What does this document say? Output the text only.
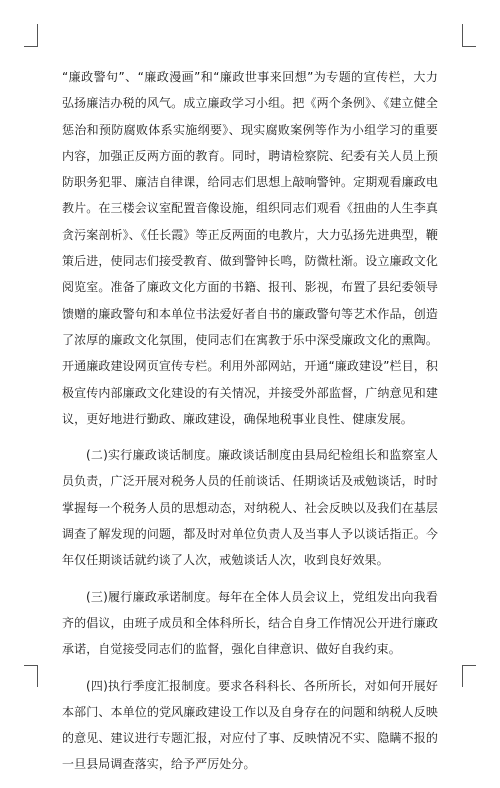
“廉政警句”、“廉政漫画”和“廉政世事来回想”为专题的宣传栏，大力弘扬廉洁办税的风气。成立廉政学习小组。把《两个条例》、《建立健全惩治和预防腐败体系实施纲要》、现实腐败案例等作为小组学习的重要内容，加强正反两方面的教育。同时，聘请检察院、纪委有关人员上预防职务犯罪、廉洁自律课，给同志们思想上敲响警钟。定期观看廉政电教片。在三楼会议室配置音像设施，组织同志们观看《扭曲的人生李真贪污案剖析》、《任长霞》等正反两面的电教片，大力弘扬先进典型，鞭策后进，使同志们接受教育、做到警钟长鸣，防微杜渐。设立廉政文化阅览室。准备了廉政文化方面的书籍、报刊、影视，布置了县纪委领导馈赠的廉政警句和本单位书法爱好者自书的廉政警句等艺术作品，创造了浓厚的廉政文化氛围，使同志们在寓教于乐中深受廉政文化的熏陶。开通廉政建设网页宣传专栏。利用外部网站，开通“廉政建设”栏目，积极宣传内部廉政文化建设的有关情况，并接受外部监督，广纳意见和建议，更好地进行勤政、廉政建设，确保地税事业良性、健康发展。

(二)实行廉政谈话制度。廉政谈话制度由县局纪检组长和监察室人员负责，广泛开展对税务人员的任前谈话、任期谈话及戒勉谈话，时时掌握每一个税务人员的思想动态，对纳税人、社会反映以及我们在基层调查了解发现的问题，都及时对单位负责人及当事人予以谈话指正。今年仅任期谈话就约谈了人次，戒勉谈话人次，收到良好效果。

(三)履行廉政承诺制度。每年在全体人员会议上，党组发出向我看齐的倡议，由班子成员和全体科所长，结合自身工作情况公开进行廉政承诺，自觉接受同志们的监督，强化自律意识、做好自我约束。

(四)执行季度汇报制度。要求各科科长、各所所长，对如何开展好本部门、本单位的党风廉政建设工作以及自身存在的问题和纳税人反映的意见、建议进行专题汇报，对应付了事、反映情况不实、隐瞒不报的一旦县局调查落实，给予严厉处分。
